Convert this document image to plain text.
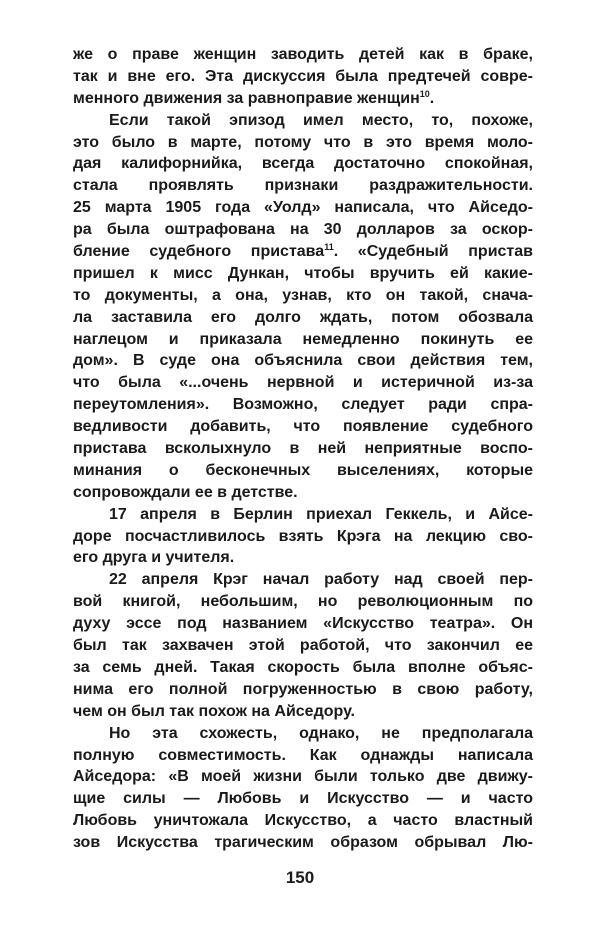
же о праве женщин заводить детей как в браке,
так и вне его. Эта дискуссия была предтечей совре-
менного движения за равноправие женщин$^{10}$.
Если такой эпизод имел место, то, похоже,
это было в марте, потому что в это время моло-
дая калифорнийка, всегда достаточно спокойная,
стала проявлять признаки раздражительности.
25 марта 1905 года «Уолд» написала, что Айседо-
ра была оштрафована на 30 долларов за оскор-
бление судебного пристава$^{11}$. «Судебный пристав
пришел к мисс Дункан, чтобы вручить ей какие-
то документы, а она, узнав, кто он такой, снача-
ла заставила его долго ждать, потом обозвала
наглецом и приказала немедленно покинуть ее
дом». В суде она объяснила свои действия тем,
что была «...очень нервной и истеричной из-за
переутомления». Возможно, следует ради спра-
ведливости добавить, что появление судебного
пристава всколыхнуло в ней неприятные воспо-
минания о бесконечных выселениях, которые
сопровождали ее в детстве.
17 апреля в Берлин приехал Геккель, и Айсе-
доре посчастливилось взять Крэга на лекцию сво-
его друга и учителя.
22 апреля Крэг начал работу над своей пер-
вой книгой, небольшим, но революционным по
духу эссе под названием «Искусство театра». Он
был так захвачен этой работой, что закончил ее
за семь дней. Такая скорость была вполне объяс-
нима его полной погруженностью в свою работу,
чем он был так похож на Айседору.
Но эта схожесть, однако, не предполагала
полную совместимость. Как однажды написала
Айседора: «В моей жизни были только две движу-
щие силы — Любовь и Искусство — и часто
Любовь уничтожала Искусство, а часто властный
зов Искусства трагическим образом обрывал Лю-
150
